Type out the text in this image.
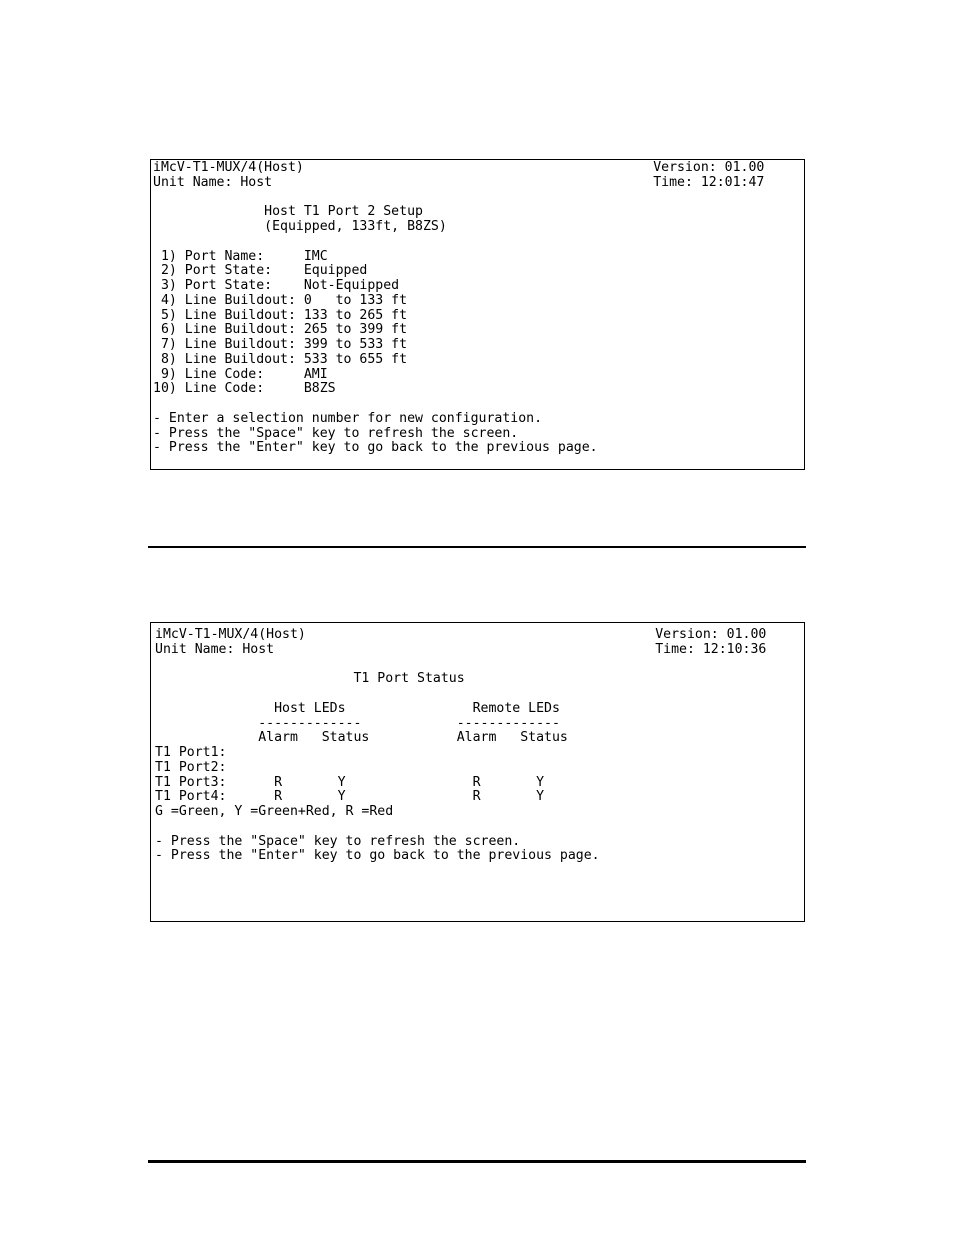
iMcV-T1-MUX/4(Host)                                            Version: 01.00
Unit Name: Host                                                Time: 12:01:47

Host T1 Port 2 Setup
(Equipped, 133ft, B8ZS)

1) Port Name:     IMC
2) Port State:    Equipped
3) Port State:    Not-Equipped
4) Line Buildout: 0   to 133 ft
5) Line Buildout: 133 to 265 ft
6) Line Buildout: 265 to 399 ft
7) Line Buildout: 399 to 533 ft
8) Line Buildout: 533 to 655 ft
9) Line Code:     AMI
10) Line Code:     B8ZS

- Enter a selection number for new configuration.
- Press the "Space" key to refresh the screen.
- Press the "Enter" key to go back to the previous page.
iMcV-T1-MUX/4(Host)                                            Version: 01.00
Unit Name: Host                                                Time: 12:10:36

T1 Port Status

Host LEDs                Remote LEDs
-------------            -------------
Alarm   Status           Alarm   Status
T1 Port1:
T1 Port2:
T1 Port3:      R       Y                R       Y
T1 Port4:      R       Y                R       Y
G =Green, Y =Green+Red, R =Red

- Press the "Space" key to refresh the screen.
- Press the "Enter" key to go back to the previous page.
